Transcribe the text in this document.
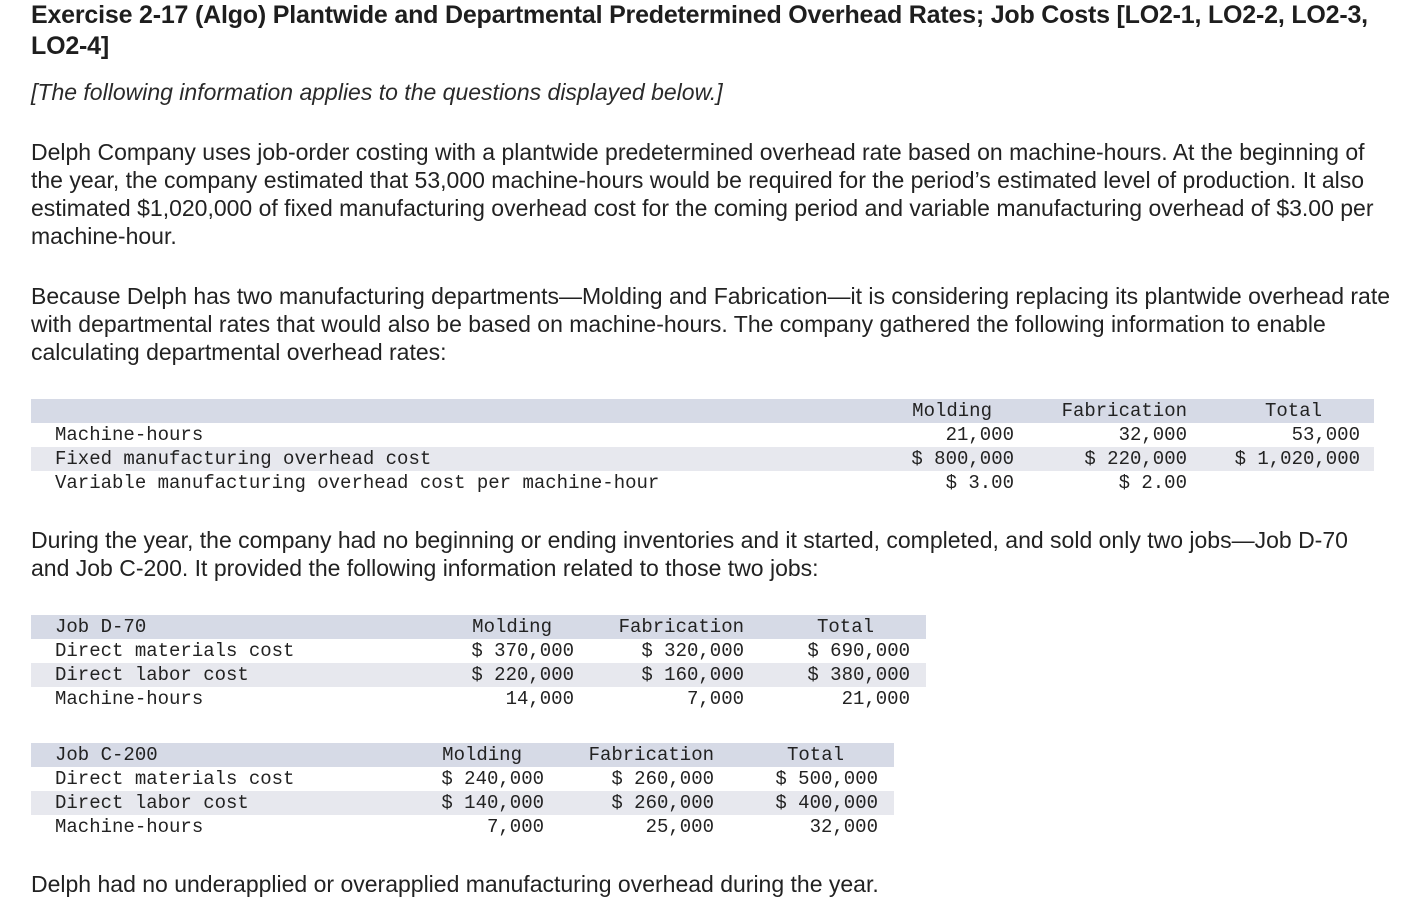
Exercise 2-17 (Algo) Plantwide and Departmental Predetermined Overhead Rates; Job Costs [LO2-1, LO2-2, LO2-3, LO2-4]
[The following information applies to the questions displayed below.]
Delph Company uses job-order costing with a plantwide predetermined overhead rate based on machine-hours. At the beginning of the year, the company estimated that 53,000 machine-hours would be required for the period’s estimated level of production. It also estimated $1,020,000 of fixed manufacturing overhead cost for the coming period and variable manufacturing overhead of $3.00 per machine-hour.
Because Delph has two manufacturing departments—Molding and Fabrication—it is considering replacing its plantwide overhead rate with departmental rates that would also be based on machine-hours. The company gathered the following information to enable calculating departmental overhead rates:
	Molding	Fabrication	Total	
Machine-hours	21,000	32,000	53,000	
Fixed manufacturing overhead cost	$ 800,000	$ 220,000	$ 1,020,000	
Variable manufacturing overhead cost per machine-hour	$ 3.00	$ 2.00		
During the year, the company had no beginning or ending inventories and it started, completed, and sold only two jobs—Job D-70 and Job C-200. It provided the following information related to those two jobs:
Job D-70	Molding	Fabrication	Total	
Direct materials cost	$ 370,000	$ 320,000	$ 690,000	
Direct labor cost	$ 220,000	$ 160,000	$ 380,000	
Machine-hours	14,000	7,000	21,000	
Job C-200	Molding	Fabrication	Total	
Direct materials cost	$ 240,000	$ 260,000	$ 500,000	
Direct labor cost	$ 140,000	$ 260,000	$ 400,000	
Machine-hours	7,000	25,000	32,000	
Delph had no underapplied or overapplied manufacturing overhead during the year.
